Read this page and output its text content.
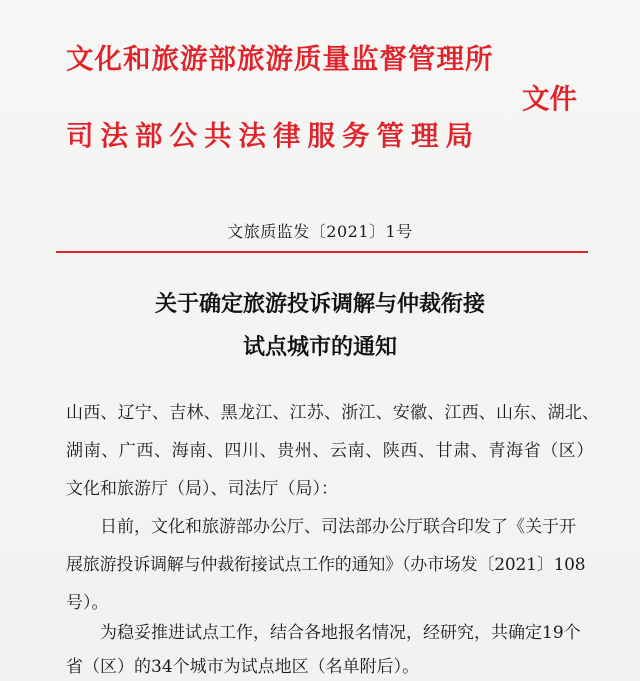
文化和旅游部旅游质量监督管理所
司法部公共法律服务管理局
文件
文旅质监发〔2021〕1号
关于确定旅游投诉调解与仲裁衔接
试点城市的通知
山西、辽宁、吉林、黑龙江、江苏、浙江、安徽、江西、山东、湖北、
湖南、广西、海南、四川、贵州、云南、陕西、甘肃、青海省（区）
文化和旅游厅（局）、司法厅（局）：
　　日前，文化和旅游部办公厅、司法部办公厅联合印发了《关于开
展旅游投诉调解与仲裁衔接试点工作的通知》（办市场发〔2021〕108
号）。
　　为稳妥推进试点工作，结合各地报名情况，经研究，共确定19个
省（区）的34个城市为试点地区（名单附后）。
